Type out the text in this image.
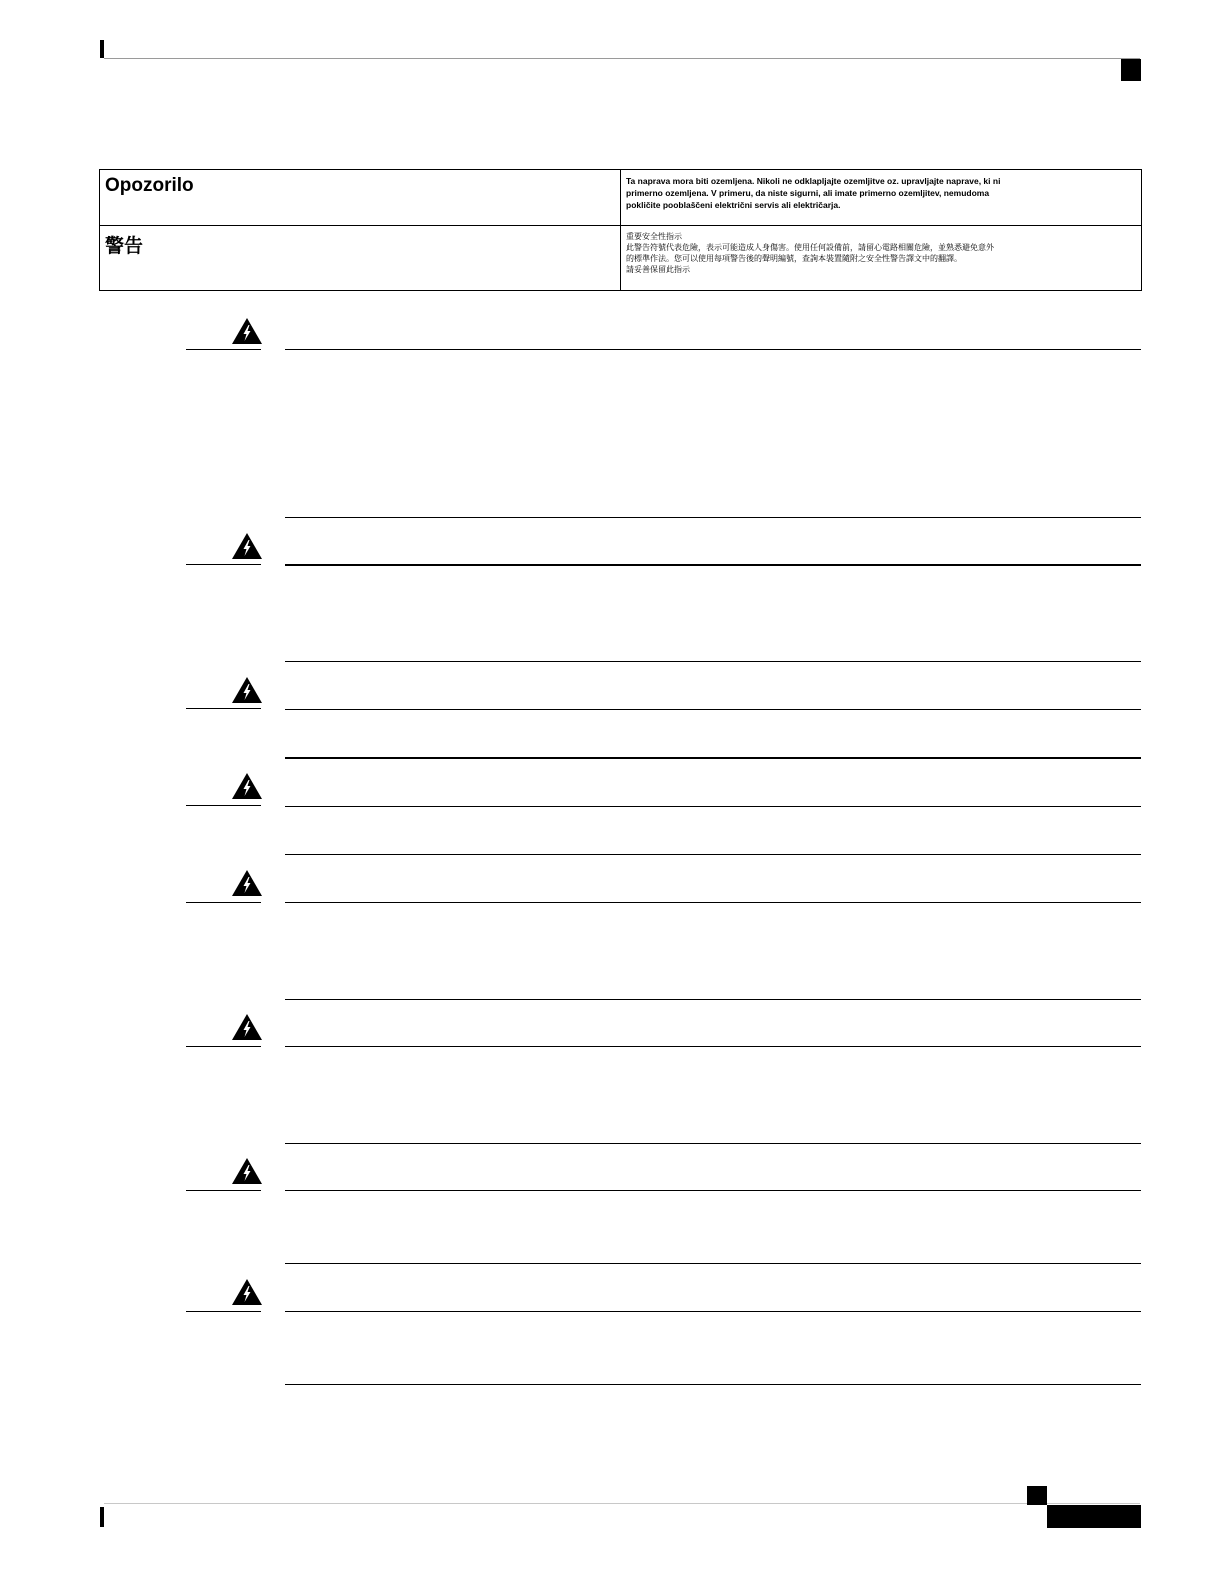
Opozorilo	Ta naprava mora biti ozemljena. Nikoli ne odklapljajte ozemljitve oz. upravljajte naprave, ki ni
primerno ozemljena. V primeru, da niste sigurni, ali imate primerno ozemljitev, nemudoma
pokličite pooblaščeni električni servis ali električarja.
警告	重要安全性指示
此警告符號代表危險，表示可能造成人身傷害。使用任何設備前，請留心電路相關危險，並熟悉避免意外
的標準作法。您可以使用每項警告後的聲明編號，查詢本裝置隨附之安全性警告譯文中的翻譯。
請妥善保留此指示
